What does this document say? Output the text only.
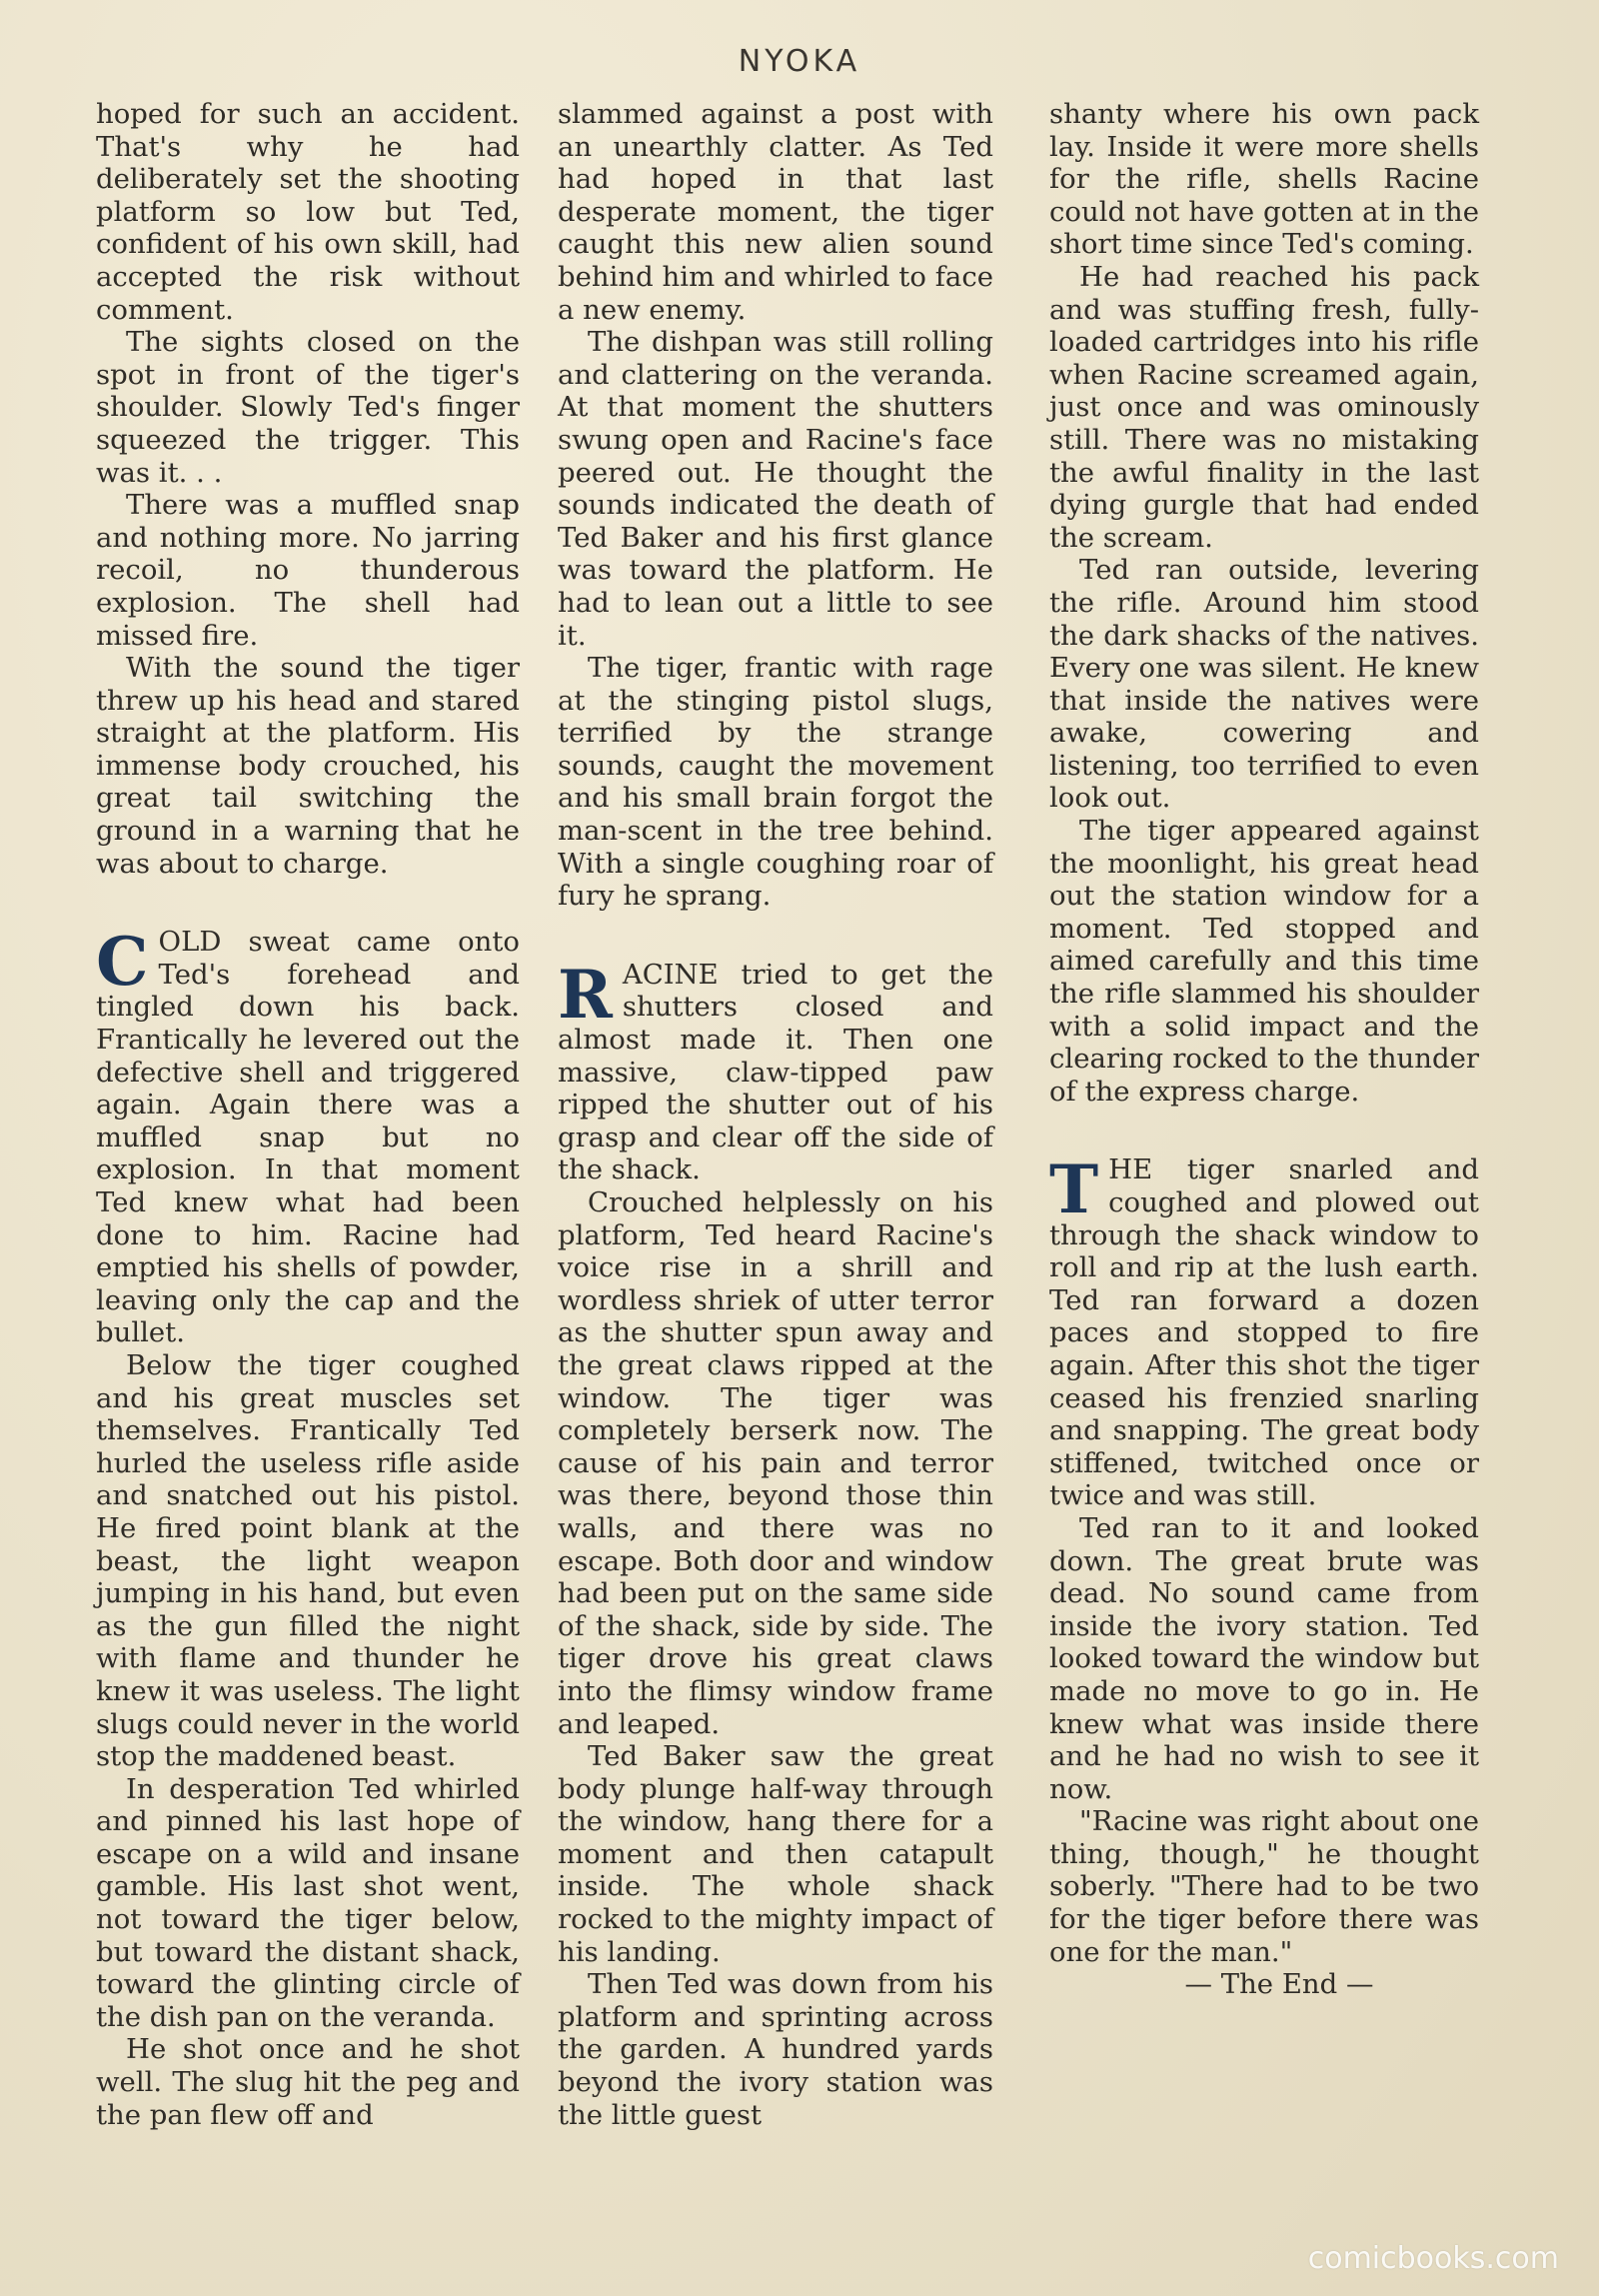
NYOKA

hoped for such an accident. That's why he had deliberately set the shooting platform so low but Ted, confident of his own skill, had accepted the risk without comment.

The sights closed on the spot in front of the tiger's shoulder. Slowly Ted's finger squeezed the trigger. This was it. . .

There was a muffled snap and nothing more. No jarring recoil, no thunderous explosion. The shell had missed fire.

With the sound the tiger threw up his head and stared straight at the platform. His immense body crouched, his great tail switching the ground in a warning that he was about to charge.

COLD sweat came onto Ted's forehead and tingled down his back. Frantically he levered out the defective shell and triggered again. Again there was a muffled snap but no explosion. In that moment Ted knew what had been done to him. Racine had emptied his shells of powder, leaving only the cap and the bullet.

Below the tiger coughed and his great muscles set themselves. Frantically Ted hurled the useless rifle aside and snatched out his pistol. He fired point blank at the beast, the light weapon jumping in his hand, but even as the gun filled the night with flame and thunder he knew it was useless. The light slugs could never in the world stop the maddened beast.

In desperation Ted whirled and pinned his last hope of escape on a wild and insane gamble. His last shot went, not toward the tiger below, but toward the distant shack, toward the glinting circle of the dish pan on the veranda.

He shot once and he shot well. The slug hit the peg and the pan flew off and

slammed against a post with an unearthly clatter. As Ted had hoped in that last desperate moment, the tiger caught this new alien sound behind him and whirled to face a new enemy.

The dishpan was still rolling and clattering on the veranda. At that moment the shutters swung open and Racine's face peered out. He thought the sounds indicated the death of Ted Baker and his first glance was toward the platform. He had to lean out a little to see it.

The tiger, frantic with rage at the stinging pistol slugs, terrified by the strange sounds, caught the movement and his small brain forgot the man-scent in the tree behind. With a single coughing roar of fury he sprang.

RACINE tried to get the shutters closed and almost made it. Then one massive, claw-tipped paw ripped the shutter out of his grasp and clear off the side of the shack.

Crouched helplessly on his platform, Ted heard Racine's voice rise in a shrill and wordless shriek of utter terror as the shutter spun away and the great claws ripped at the window. The tiger was completely berserk now. The cause of his pain and terror was there, beyond those thin walls, and there was no escape. Both door and window had been put on the same side of the shack, side by side. The tiger drove his great claws into the flimsy window frame and leaped.

Ted Baker saw the great body plunge half-way through the window, hang there for a moment and then catapult inside. The whole shack rocked to the mighty impact of his landing.

Then Ted was down from his platform and sprinting across the garden. A hundred yards beyond the ivory station was the little guest

shanty where his own pack lay. Inside it were more shells for the rifle, shells Racine could not have gotten at in the short time since Ted's coming.

He had reached his pack and was stuffing fresh, fully-loaded cartridges into his rifle when Racine screamed again, just once and was ominously still. There was no mistaking the awful finality in the last dying gurgle that had ended the scream.

Ted ran outside, levering the rifle. Around him stood the dark shacks of the natives. Every one was silent. He knew that inside the natives were awake, cowering and listening, too terrified to even look out.

The tiger appeared against the moonlight, his great head out the station window for a moment. Ted stopped and aimed carefully and this time the rifle slammed his shoulder with a solid impact and the clearing rocked to the thunder of the express charge.

THE tiger snarled and coughed and plowed out through the shack window to roll and rip at the lush earth. Ted ran forward a dozen paces and stopped to fire again. After this shot the tiger ceased his frenzied snarling and snapping. The great body stiffened, twitched once or twice and was still.

Ted ran to it and looked down. The great brute was dead. No sound came from inside the ivory station. Ted looked toward the window but made no move to go in. He knew what was inside there and he had no wish to see it now.

"Racine was right about one thing, though," he thought soberly. "There had to be two for the tiger before there was one for the man."

— The End —

comicbooks.com
